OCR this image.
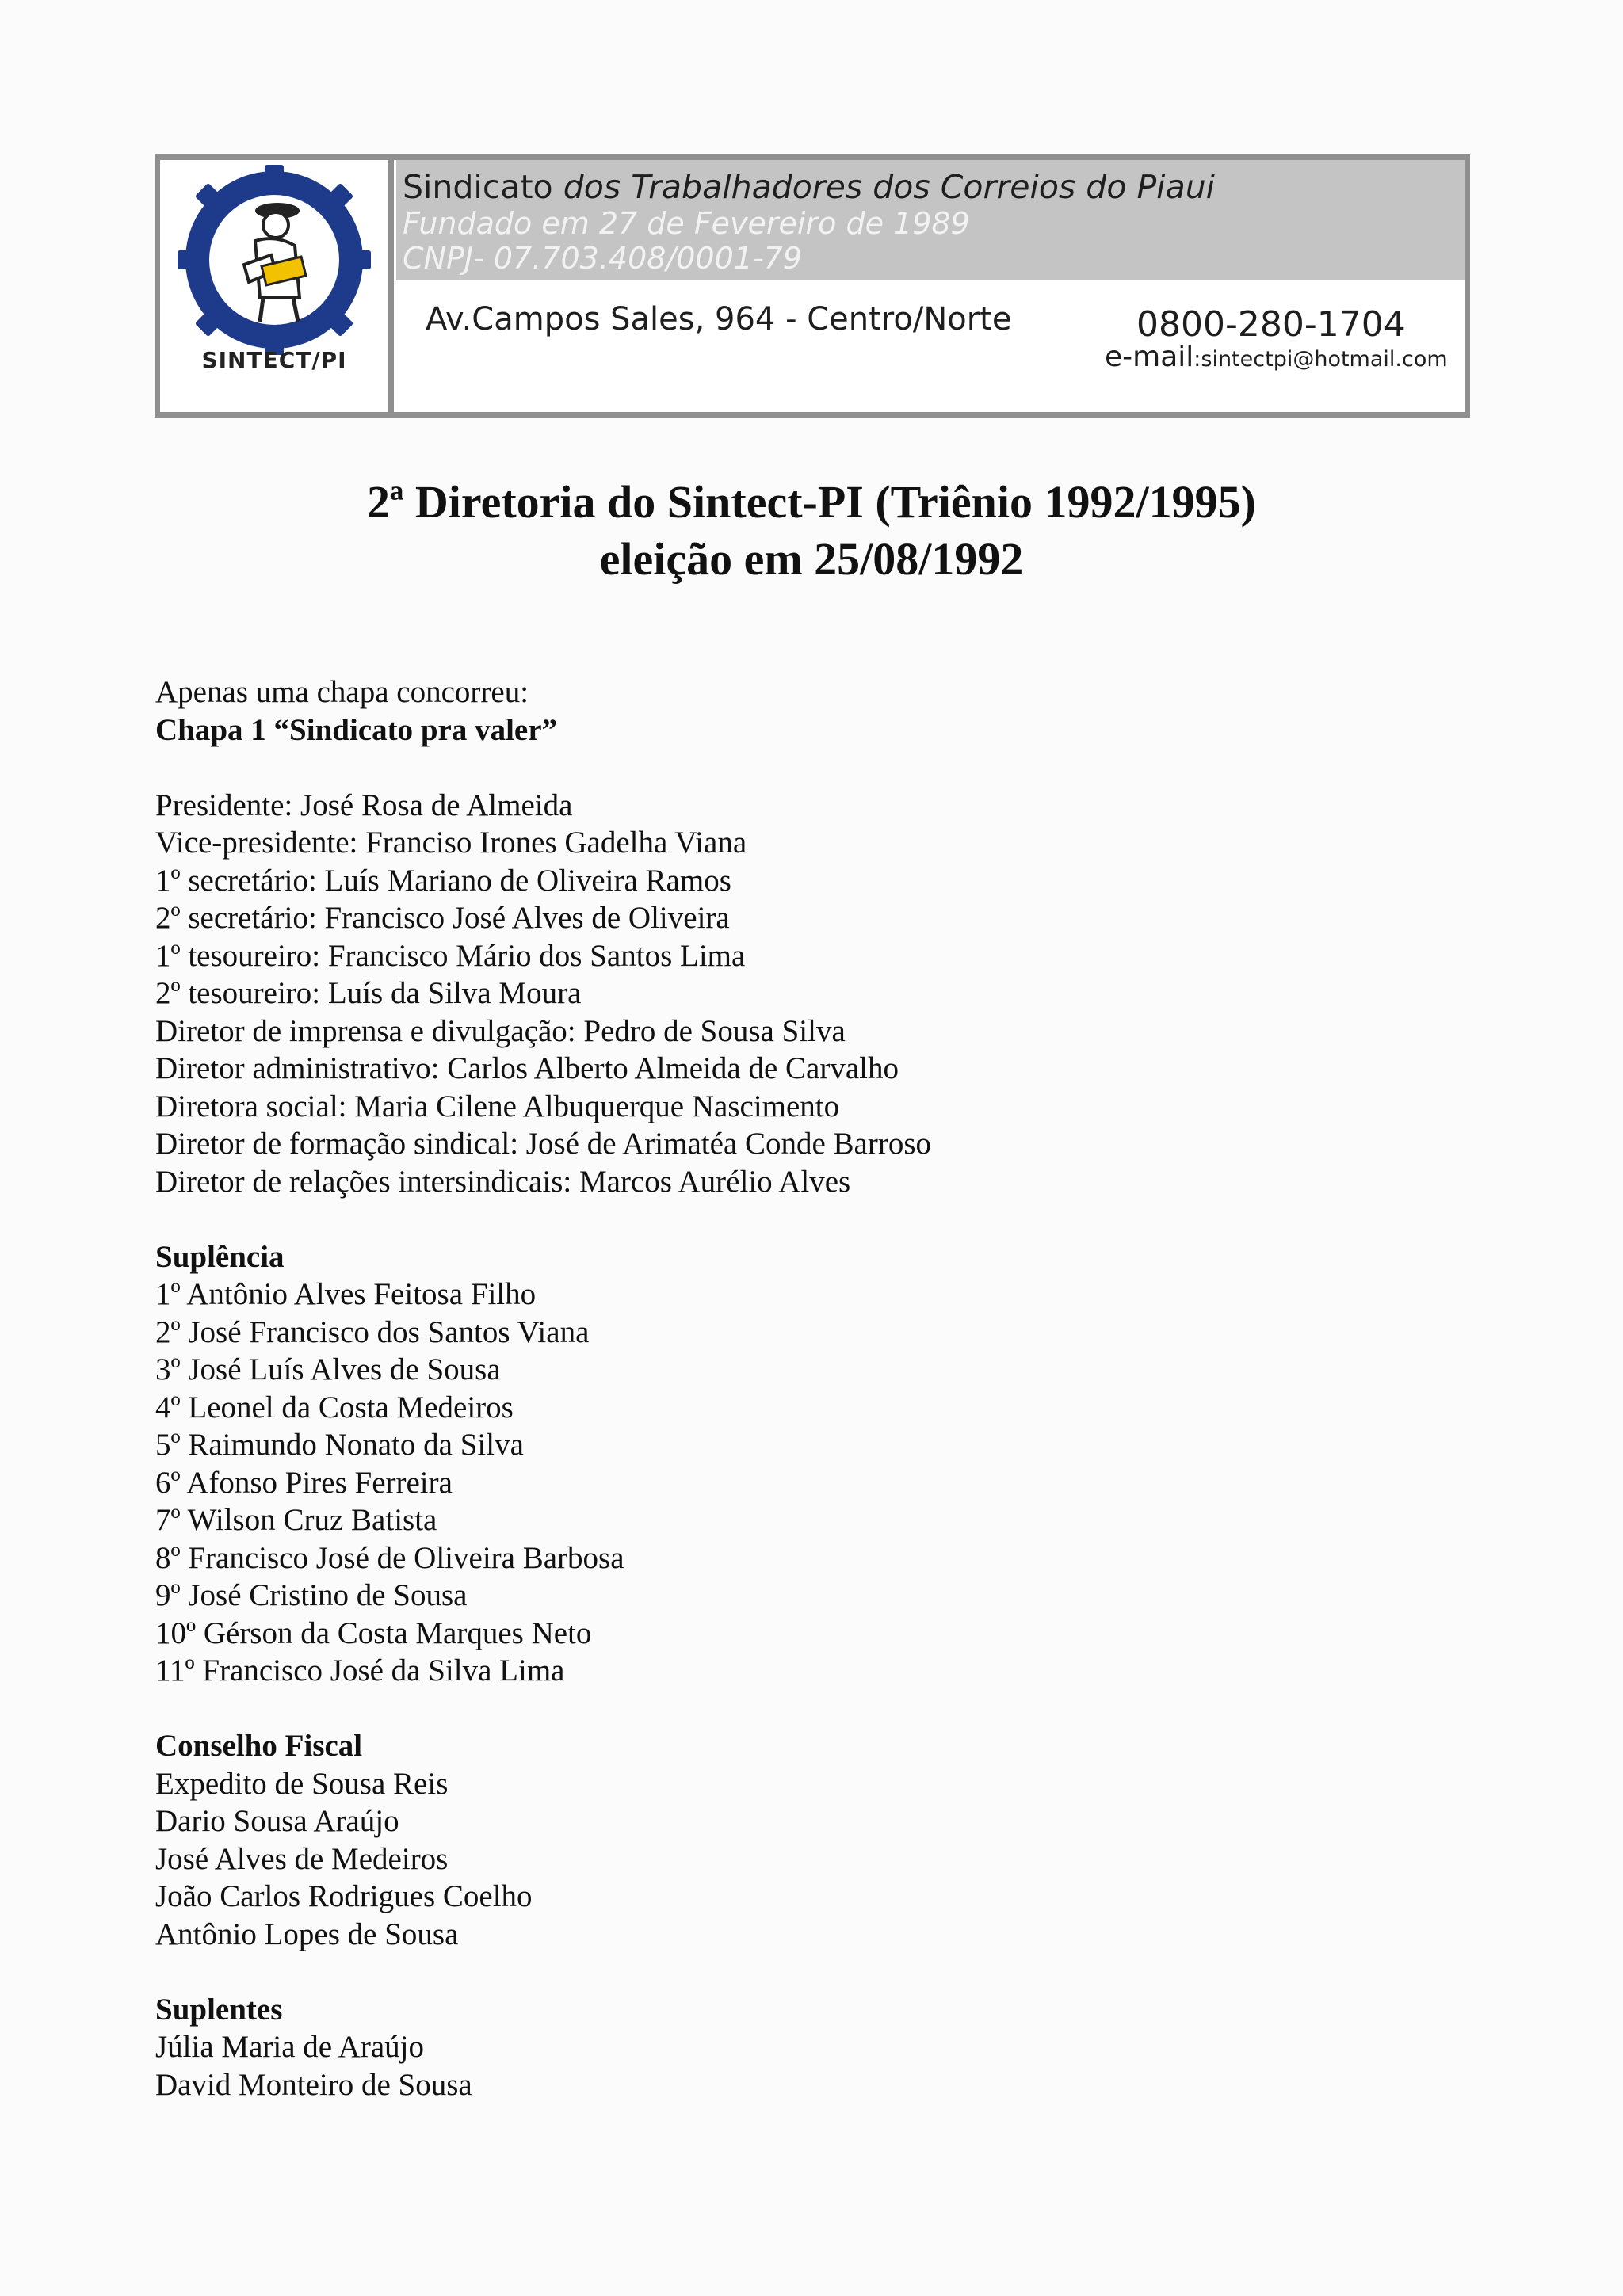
SINTECT/PI
Sindicato dos Trabalhadores dos Correios do Piaui
Fundado em 27 de Fevereiro de 1989
CNPJ- 07.703.408/0001-79
Av.Campos Sales, 964 - Centro/Norte	0800-280-1704
e-mail:sintectpi@hotmail.com
2ª Diretoria do Sintect-PI (Triênio 1992/1995)
eleição em 25/08/1992
Apenas uma chapa concorreu:
Chapa 1 “Sindicato pra valer”
Presidente: José Rosa de Almeida
Vice-presidente: Franciso Irones Gadelha Viana
1º secretário: Luís Mariano de Oliveira Ramos
2º secretário: Francisco José Alves de Oliveira
1º tesoureiro: Francisco Mário dos Santos Lima
2º tesoureiro: Luís da Silva Moura
Diretor de imprensa e divulgação: Pedro de Sousa Silva
Diretor administrativo: Carlos Alberto Almeida de Carvalho
Diretora social: Maria Cilene Albuquerque Nascimento
Diretor de formação sindical: José de Arimatéa Conde Barroso
Diretor de relações intersindicais: Marcos Aurélio Alves
Suplência
1º Antônio Alves Feitosa Filho
2º José Francisco dos Santos Viana
3º José Luís Alves de Sousa
4º Leonel da Costa Medeiros
5º Raimundo Nonato da Silva
6º Afonso Pires Ferreira
7º Wilson Cruz Batista
8º Francisco José de Oliveira Barbosa
9º José Cristino de Sousa
10º Gérson da Costa Marques Neto
11º Francisco José da Silva Lima
Conselho Fiscal
Expedito de Sousa Reis
Dario Sousa Araújo
José Alves de Medeiros
João Carlos Rodrigues Coelho
Antônio Lopes de Sousa
Suplentes
Júlia Maria de Araújo
David Monteiro de Sousa
